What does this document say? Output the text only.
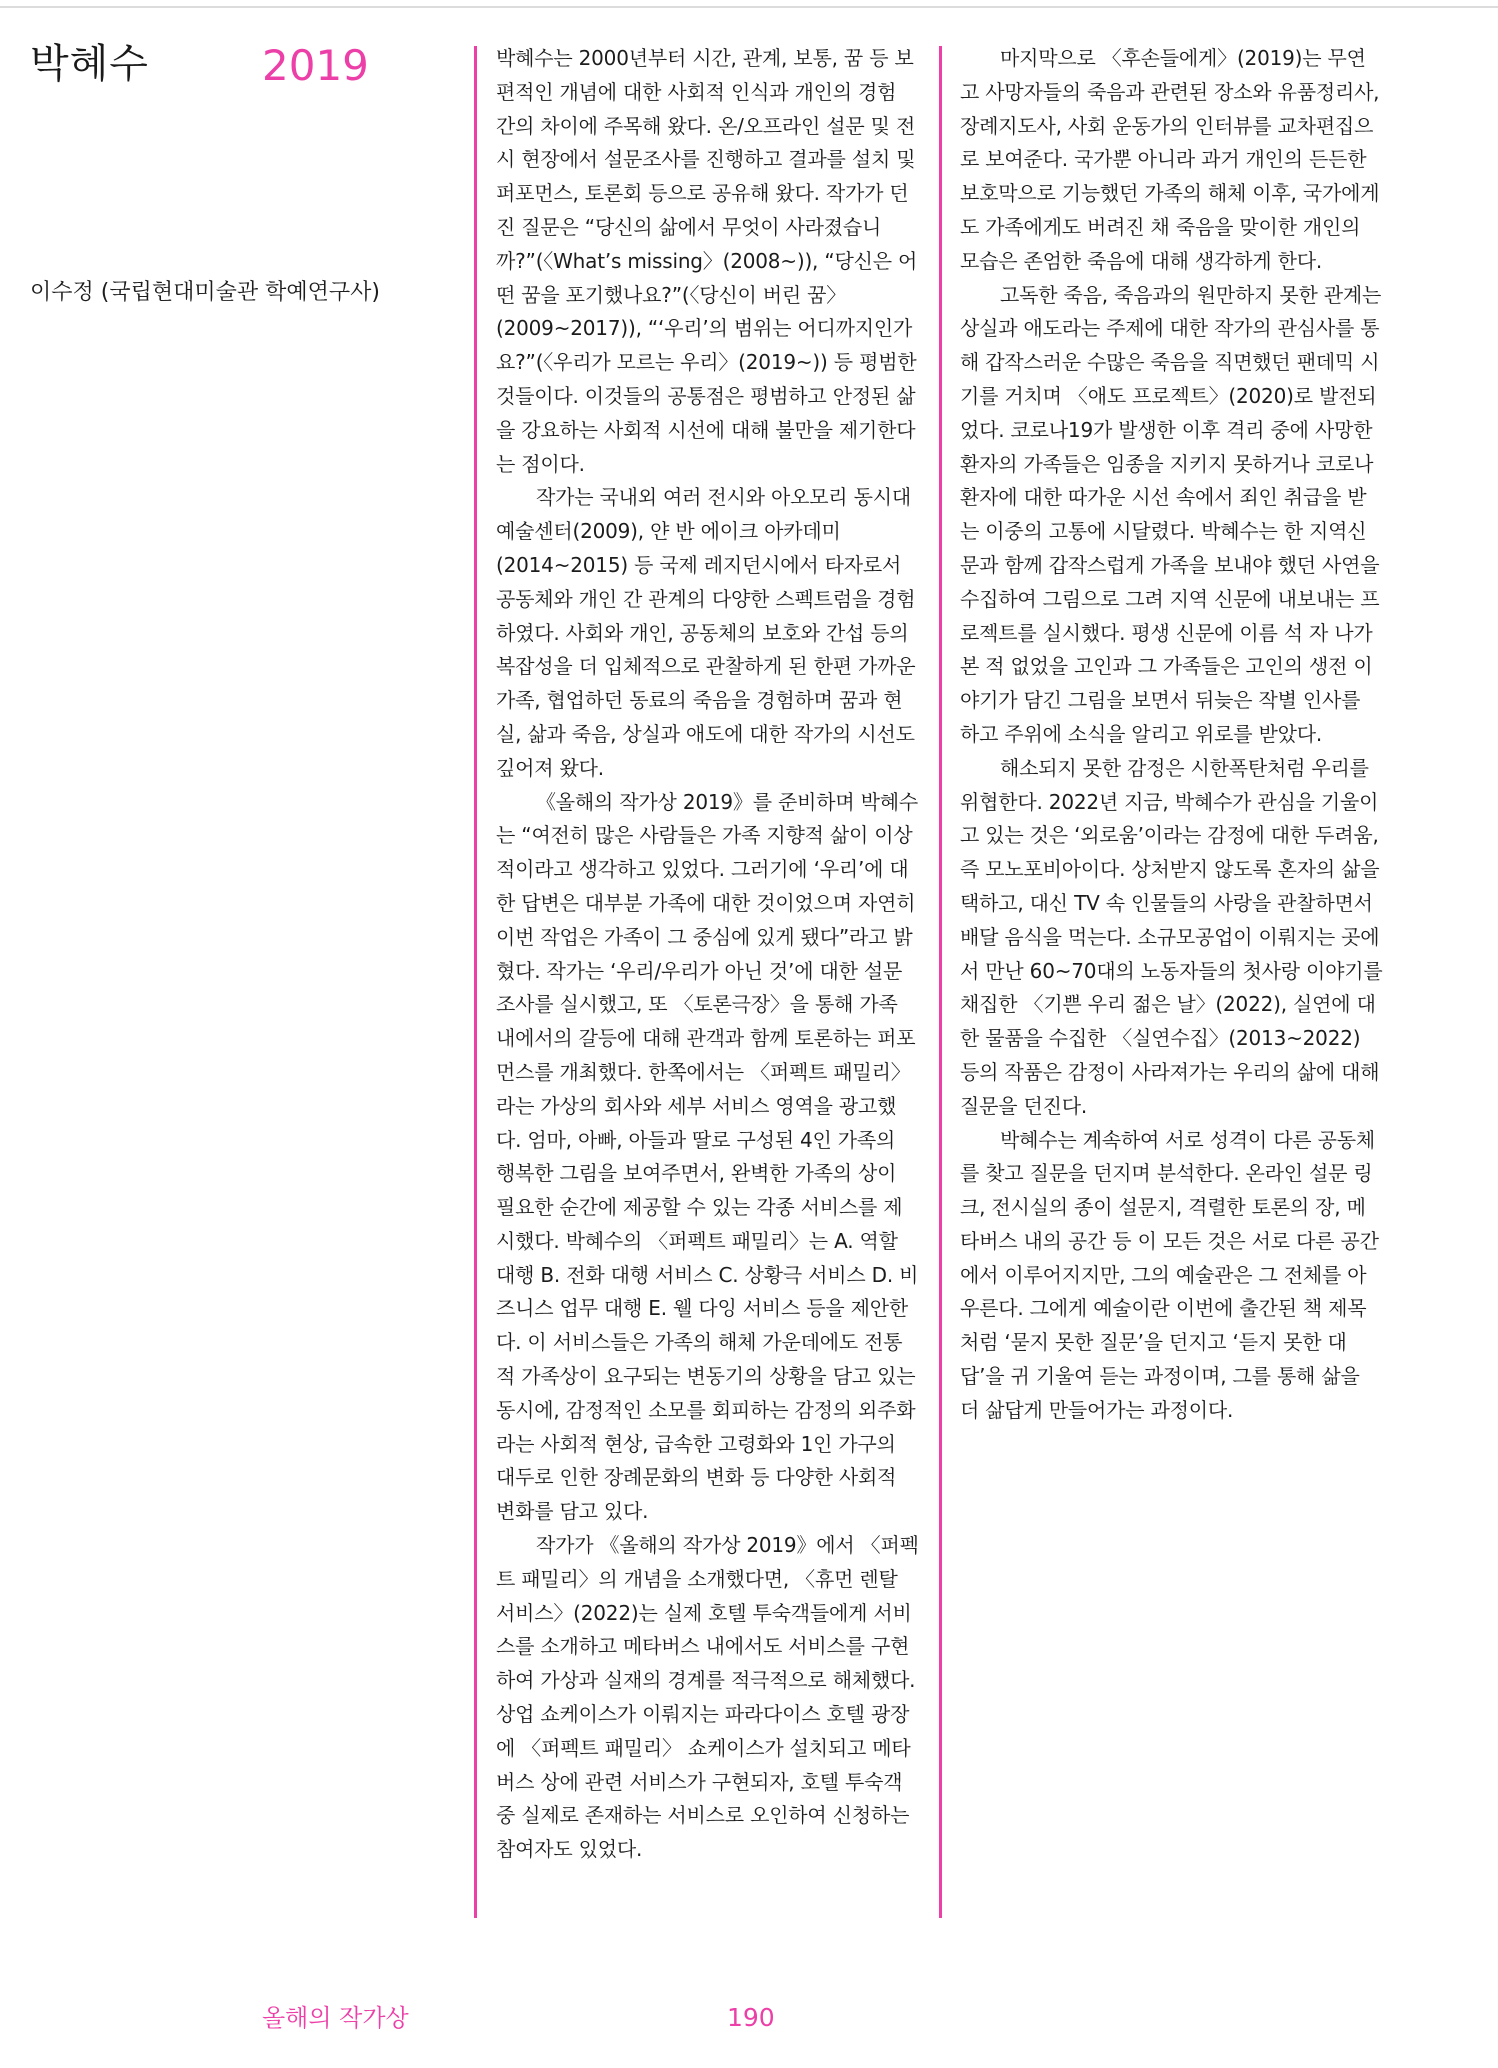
박혜수	2019
이수정 (국립현대미술관 학예연구사)

박혜수는 2000년부터 시간, 관계, 보통, 꿈 등 보편적인 개념에 대한 사회적 인식과 개인의 경험 간의 차이에 주목해 왔다. 온/오프라인 설문 및 전시 현장에서 설문조사를 진행하고 결과를 설치 및 퍼포먼스, 토론회 등으로 공유해 왔다. 작가가 던진 질문은 “당신의 삶에서 무엇이 사라졌습니까?”(〈What’s missing〉(2008~)), “당신은 어떤 꿈을 포기했나요?”(〈당신이 버린 꿈〉(2009~2017)), “‘우리’의 범위는 어디까지인가요?”(〈우리가 모르는 우리〉(2019~)) 등 평범한 것들이다. 이것들의 공통점은 평범하고 안정된 삶을 강요하는 사회적 시선에 대해 불만을 제기한다는 점이다.

작가는 국내외 여러 전시와 아오모리 동시대예술센터(2009), 얀 반 에이크 아카데미(2014~2015) 등 국제 레지던시에서 타자로서 공동체와 개인 간 관계의 다양한 스펙트럼을 경험하였다. 사회와 개인, 공동체의 보호와 간섭 등의 복잡성을 더 입체적으로 관찰하게 된 한편 가까운 가족, 협업하던 동료의 죽음을 경험하며 꿈과 현실, 삶과 죽음, 상실과 애도에 대한 작가의 시선도 깊어져 왔다.

《올해의 작가상 2019》를 준비하며 박혜수는 “여전히 많은 사람들은 가족 지향적 삶이 이상적이라고 생각하고 있었다. 그러기에 ‘우리’에 대한 답변은 대부분 가족에 대한 것이었으며 자연히 이번 작업은 가족이 그 중심에 있게 됐다”라고 밝혔다. 작가는 ‘우리/우리가 아닌 것’에 대한 설문조사를 실시했고, 또 〈토론극장〉을 통해 가족 내에서의 갈등에 대해 관객과 함께 토론하는 퍼포먼스를 개최했다. 한쪽에서는 〈퍼펙트 패밀리〉라는 가상의 회사와 세부 서비스 영역을 광고했다. 엄마, 아빠, 아들과 딸로 구성된 4인 가족의 행복한 그림을 보여주면서, 완벽한 가족의 상이 필요한 순간에 제공할 수 있는 각종 서비스를 제시했다. 박혜수의 〈퍼펙트 패밀리〉는 A. 역할 대행 B. 전화 대행 서비스 C. 상황극 서비스 D. 비즈니스 업무 대행 E. 웰 다잉 서비스 등을 제안한다. 이 서비스들은 가족의 해체 가운데에도 전통적 가족상이 요구되는 변동기의 상황을 담고 있는 동시에, 감정적인 소모를 회피하는 감정의 외주화라는 사회적 현상, 급속한 고령화와 1인 가구의 대두로 인한 장례문화의 변화 등 다양한 사회적 변화를 담고 있다.

작가가 《올해의 작가상 2019》에서 〈퍼펙트 패밀리〉의 개념을 소개했다면, 〈휴먼 렌탈 서비스〉(2022)는 실제 호텔 투숙객들에게 서비스를 소개하고 메타버스 내에서도 서비스를 구현하여 가상과 실재의 경계를 적극적으로 해체했다. 상업 쇼케이스가 이뤄지는 파라다이스 호텔 광장에 〈퍼펙트 패밀리〉 쇼케이스가 설치되고 메타버스 상에 관련 서비스가 구현되자, 호텔 투숙객 중 실제로 존재하는 서비스로 오인하여 신청하는 참여자도 있었다.

마지막으로 〈후손들에게〉(2019)는 무연고 사망자들의 죽음과 관련된 장소와 유품정리사, 장례지도사, 사회 운동가의 인터뷰를 교차편집으로 보여준다. 국가뿐 아니라 과거 개인의 든든한 보호막으로 기능했던 가족의 해체 이후, 국가에게도 가족에게도 버려진 채 죽음을 맞이한 개인의 모습은 존엄한 죽음에 대해 생각하게 한다.

고독한 죽음, 죽음과의 원만하지 못한 관계는 상실과 애도라는 주제에 대한 작가의 관심사를 통해 갑작스러운 수많은 죽음을 직면했던 팬데믹 시기를 거치며 〈애도 프로젝트〉(2020)로 발전되었다. 코로나19가 발생한 이후 격리 중에 사망한 환자의 가족들은 임종을 지키지 못하거나 코로나 환자에 대한 따가운 시선 속에서 죄인 취급을 받는 이중의 고통에 시달렸다. 박혜수는 한 지역신문과 함께 갑작스럽게 가족을 보내야 했던 사연을 수집하여 그림으로 그려 지역 신문에 내보내는 프로젝트를 실시했다. 평생 신문에 이름 석 자 나가본 적 없었을 고인과 그 가족들은 고인의 생전 이야기가 담긴 그림을 보면서 뒤늦은 작별 인사를 하고 주위에 소식을 알리고 위로를 받았다.

해소되지 못한 감정은 시한폭탄처럼 우리를 위협한다. 2022년 지금, 박혜수가 관심을 기울이고 있는 것은 ‘외로움’이라는 감정에 대한 두려움, 즉 모노포비아이다. 상처받지 않도록 혼자의 삶을 택하고, 대신 TV 속 인물들의 사랑을 관찰하면서 배달 음식을 먹는다. 소규모공업이 이뤄지는 곳에서 만난 60~70대의 노동자들의 첫사랑 이야기를 채집한 〈기쁜 우리 젊은 날〉(2022), 실연에 대한 물품을 수집한 〈실연수집〉(2013~2022) 등의 작품은 감정이 사라져가는 우리의 삶에 대해 질문을 던진다.

박혜수는 계속하여 서로 성격이 다른 공동체를 찾고 질문을 던지며 분석한다. 온라인 설문 링크, 전시실의 종이 설문지, 격렬한 토론의 장, 메타버스 내의 공간 등 이 모든 것은 서로 다른 공간에서 이루어지지만, 그의 예술관은 그 전체를 아우른다. 그에게 예술이란 이번에 출간된 책 제목처럼 ‘묻지 못한 질문’을 던지고 ‘듣지 못한 대답’을 귀 기울여 듣는 과정이며, 그를 통해 삶을 더 삶답게 만들어가는 과정이다.

올해의 작가상	190
